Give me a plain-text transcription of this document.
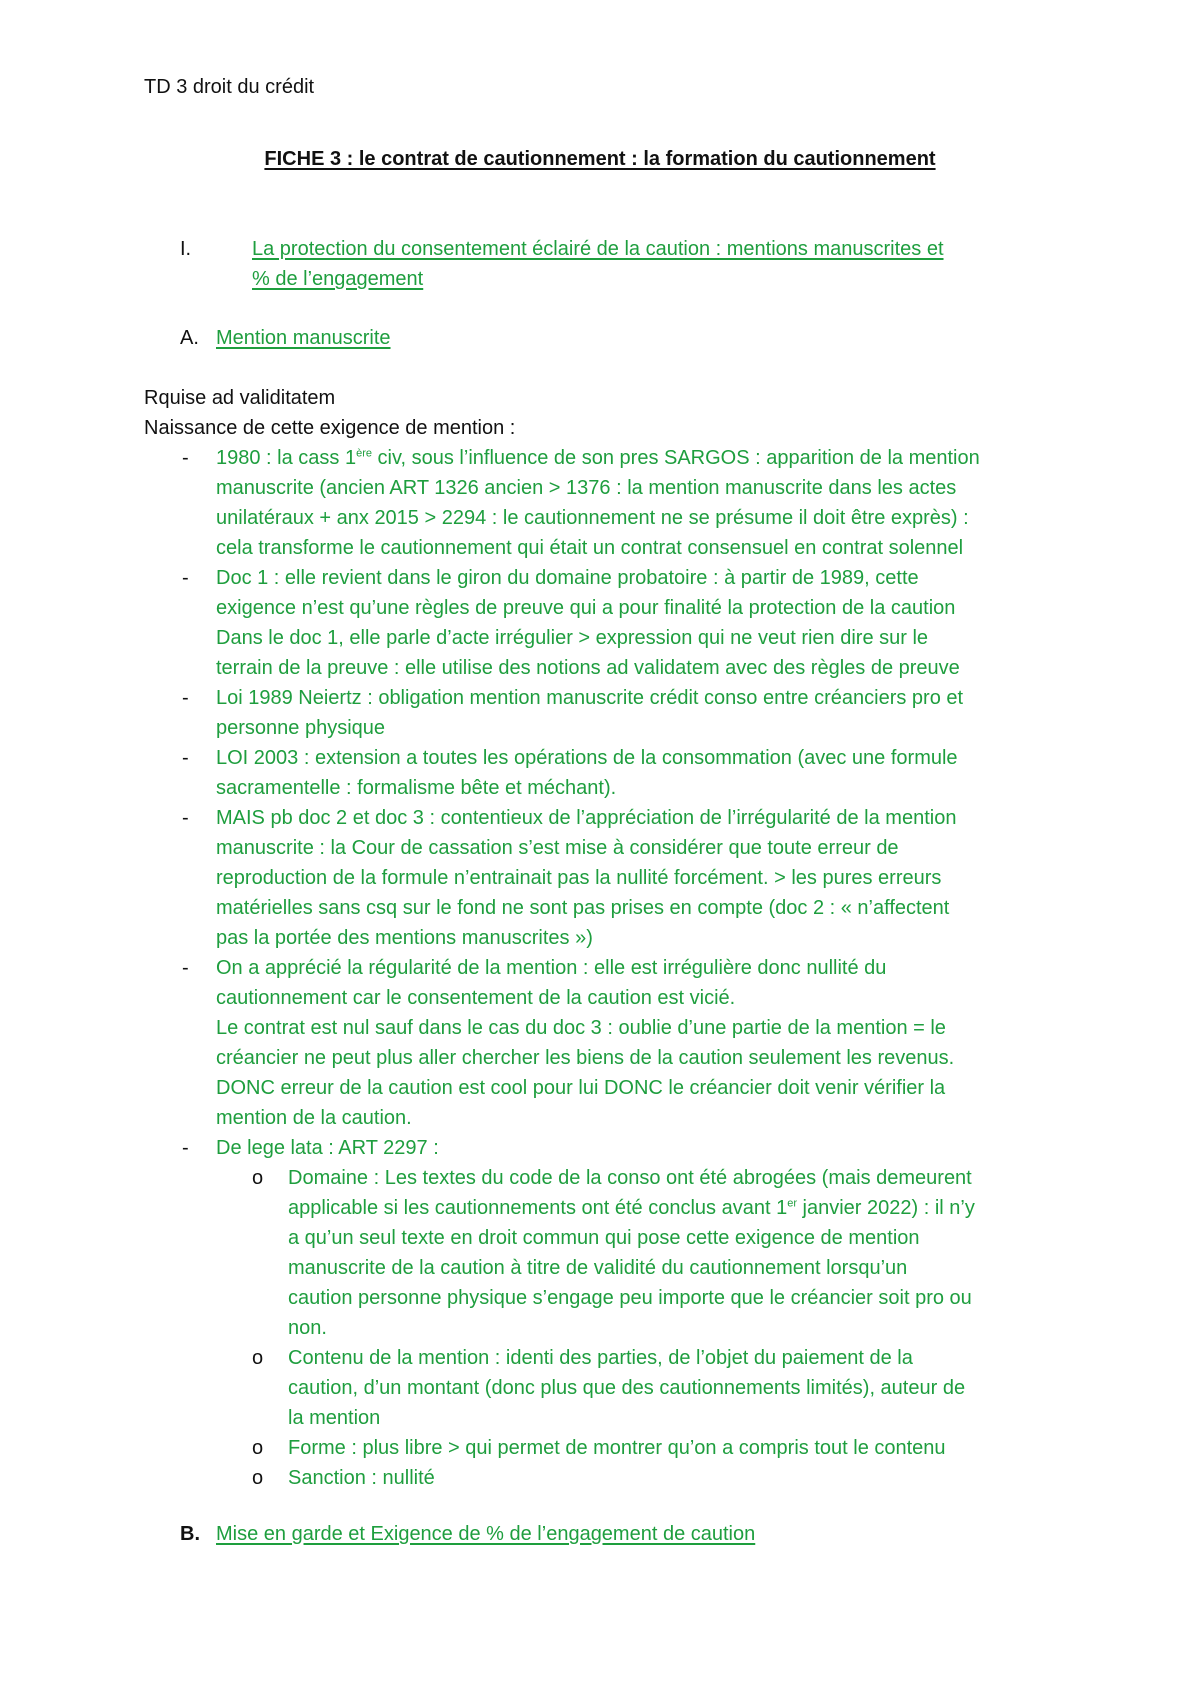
TD 3 droit du crédit
FICHE 3 : le contrat de cautionnement : la formation du cautionnement
I.	La protection du consentement éclairé de la caution : mentions manuscrites et
% de l’engagement
A. Mention manuscrite
Rquise ad validitatem
Naissance de cette exigence de mention :
1980 : la cass 1ère civ, sous l’influence de son pres SARGOS : apparition de la mention
-
manuscrite (ancien ART 1326 ancien > 1376 : la mention manuscrite dans les actes
unilatéraux + anx 2015 > 2294 : le cautionnement ne se présume il doit être exprès) :
cela transforme le cautionnement qui était un contrat consensuel en contrat solennel
Doc 1 : elle revient dans le giron du domaine probatoire : à partir de 1989, cette
-
exigence n’est qu’une règles de preuve qui a pour finalité la protection de la caution
Dans le doc 1, elle parle d’acte irrégulier > expression qui ne veut rien dire sur le
terrain de la preuve : elle utilise des notions ad validatem avec des règles de preuve
Loi 1989 Neiertz : obligation mention manuscrite crédit conso entre créanciers pro et
-
personne physique
LOI 2003 : extension a toutes les opérations de la consommation (avec une formule
-
sacramentelle : formalisme bête et méchant).
MAIS pb doc 2 et doc 3 : contentieux de l’appréciation de l’irrégularité de la mention
-
manuscrite : la Cour de cassation s’est mise à considérer que toute erreur de
reproduction de la formule n’entrainait pas la nullité forcément. > les pures erreurs
matérielles sans csq sur le fond ne sont pas prises en compte (doc 2 : « n’affectent
pas la portée des mentions manuscrites »)
On a apprécié la régularité de la mention : elle est irrégulière donc nullité du
-
cautionnement car le consentement de la caution est vicié.
Le contrat est nul sauf dans le cas du doc 3 : oublie d’une partie de la mention = le
créancier ne peut plus aller chercher les biens de la caution seulement les revenus.
DONC erreur de la caution est cool pour lui DONC le créancier doit venir vérifier la
mention de la caution.
De lege lata : ART 2297 :
-
Domaine : Les textes du code de la conso ont été abrogées (mais demeurent
o
applicable si les cautionnements ont été conclus avant 1er janvier 2022) : il n’y
a qu’un seul texte en droit commun qui pose cette exigence de mention
manuscrite de la caution à titre de validité du cautionnement lorsqu’un
caution personne physique s’engage peu importe que le créancier soit pro ou
non.
Contenu de la mention : identi des parties, de l’objet du paiement de la
o
caution, d’un montant (donc plus que des cautionnements limités), auteur de
la mention
Forme : plus libre > qui permet de montrer qu’on a compris tout le contenu
o
Sanction : nullité
o
B. Mise en garde et Exigence de % de l’engagement de caution
